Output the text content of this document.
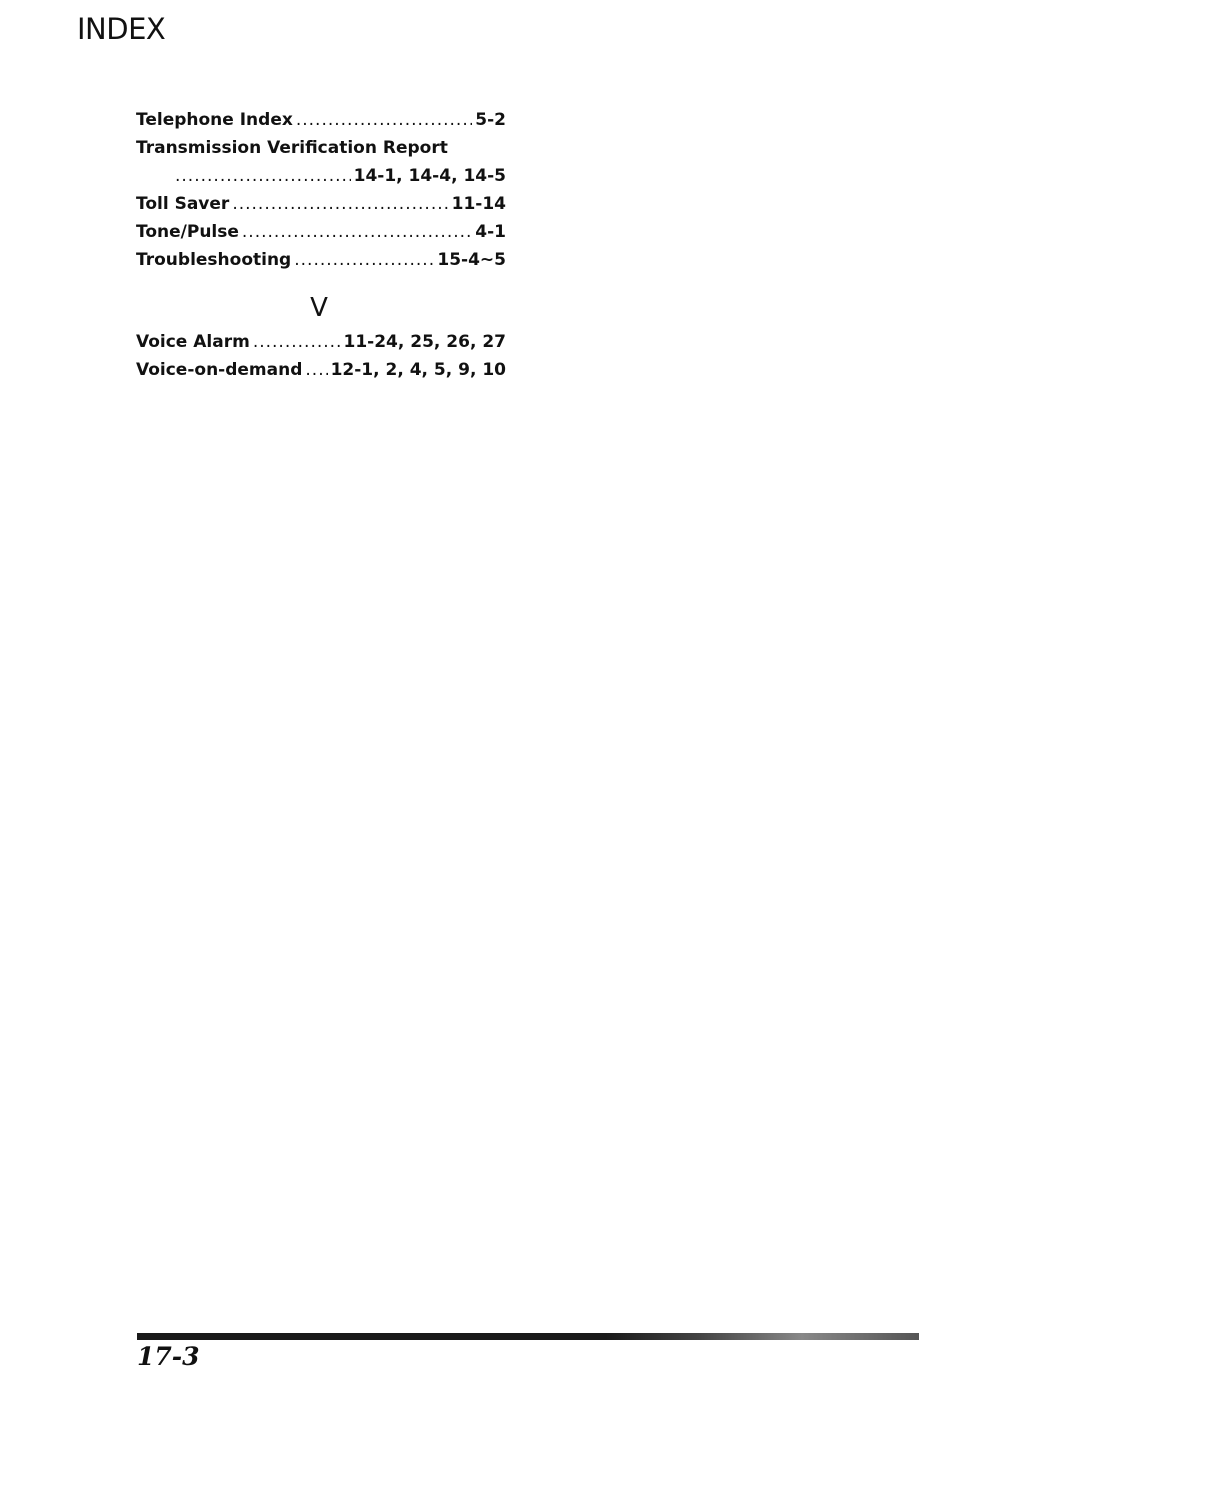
INDEX
Telephone Index .....	5-2
Transmission Verification Report
.....
14-1, 14-4, 14-5
Toll Saver .....	11-14
Tone/Pulse .....	4-1
Troubleshooting .....	15-4~5
V
Voice Alarm .....	11-24, 25, 26, 27
Voice-on-demand ..... 12-1, 2, 4, 5, 9, 10
17-3
